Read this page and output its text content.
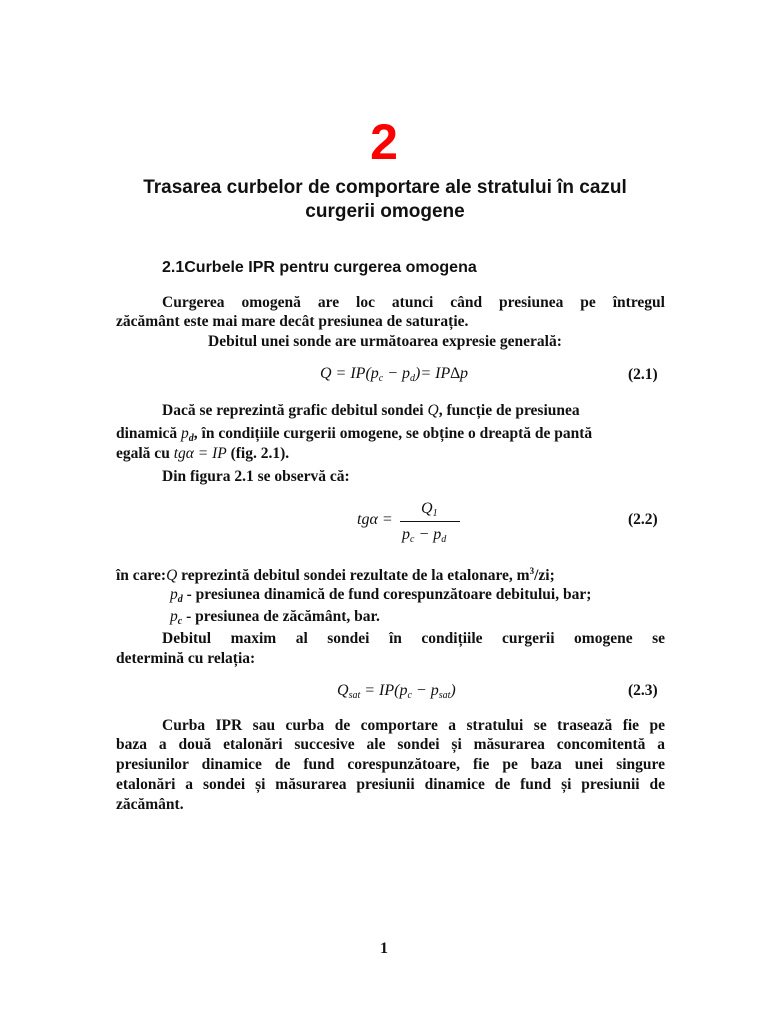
2
Trasarea curbelor de comportare ale stratului în cazul
curgerii omogene
2.1Curbele IPR pentru curgerea omogena
Curgerea omogenă are loc atunci când presiunea pe întregul
zăcământ este mai mare decât presiunea de saturație.
Debitul unei sonde are următoarea expresie generală:
$Q = IP(p_c - p_d)= IP\Delta p$	(2.1)
Dacă se reprezintă grafic debitul sondei Q, funcție de presiunea
dinamică $p_d$, în condițiile curgerii omogene, se obține o dreaptă de pantă
egală cu tgα = IP (fig. 2.1).
Din figura 2.1 se observă că:
tgα =
$Q_1$
$p_c - p_d$
(2.2)
în care:Q reprezintă debitul sondei rezultate de la etalonare, $m^3/zi$;
$p_d$ - presiunea dinamică de fund corespunzătoare debitului, bar;
$p_c$ - presiunea de zăcământ, bar.
Debitul maxim al sondei în condițiile curgerii omogene se
determină cu relația:
$Q_{sat} = IP(p_c - p_{sat})$	(2.3)
Curba IPR sau curba de comportare a stratului se trasează fie pe
baza a două etalonări succesive ale sondei și măsurarea concomitentă a
presiunilor dinamice de fund corespunzătoare, fie pe baza unei singure
etalonări a sondei și măsurarea presiunii dinamice de fund și presiunii de
zăcământ.
1
